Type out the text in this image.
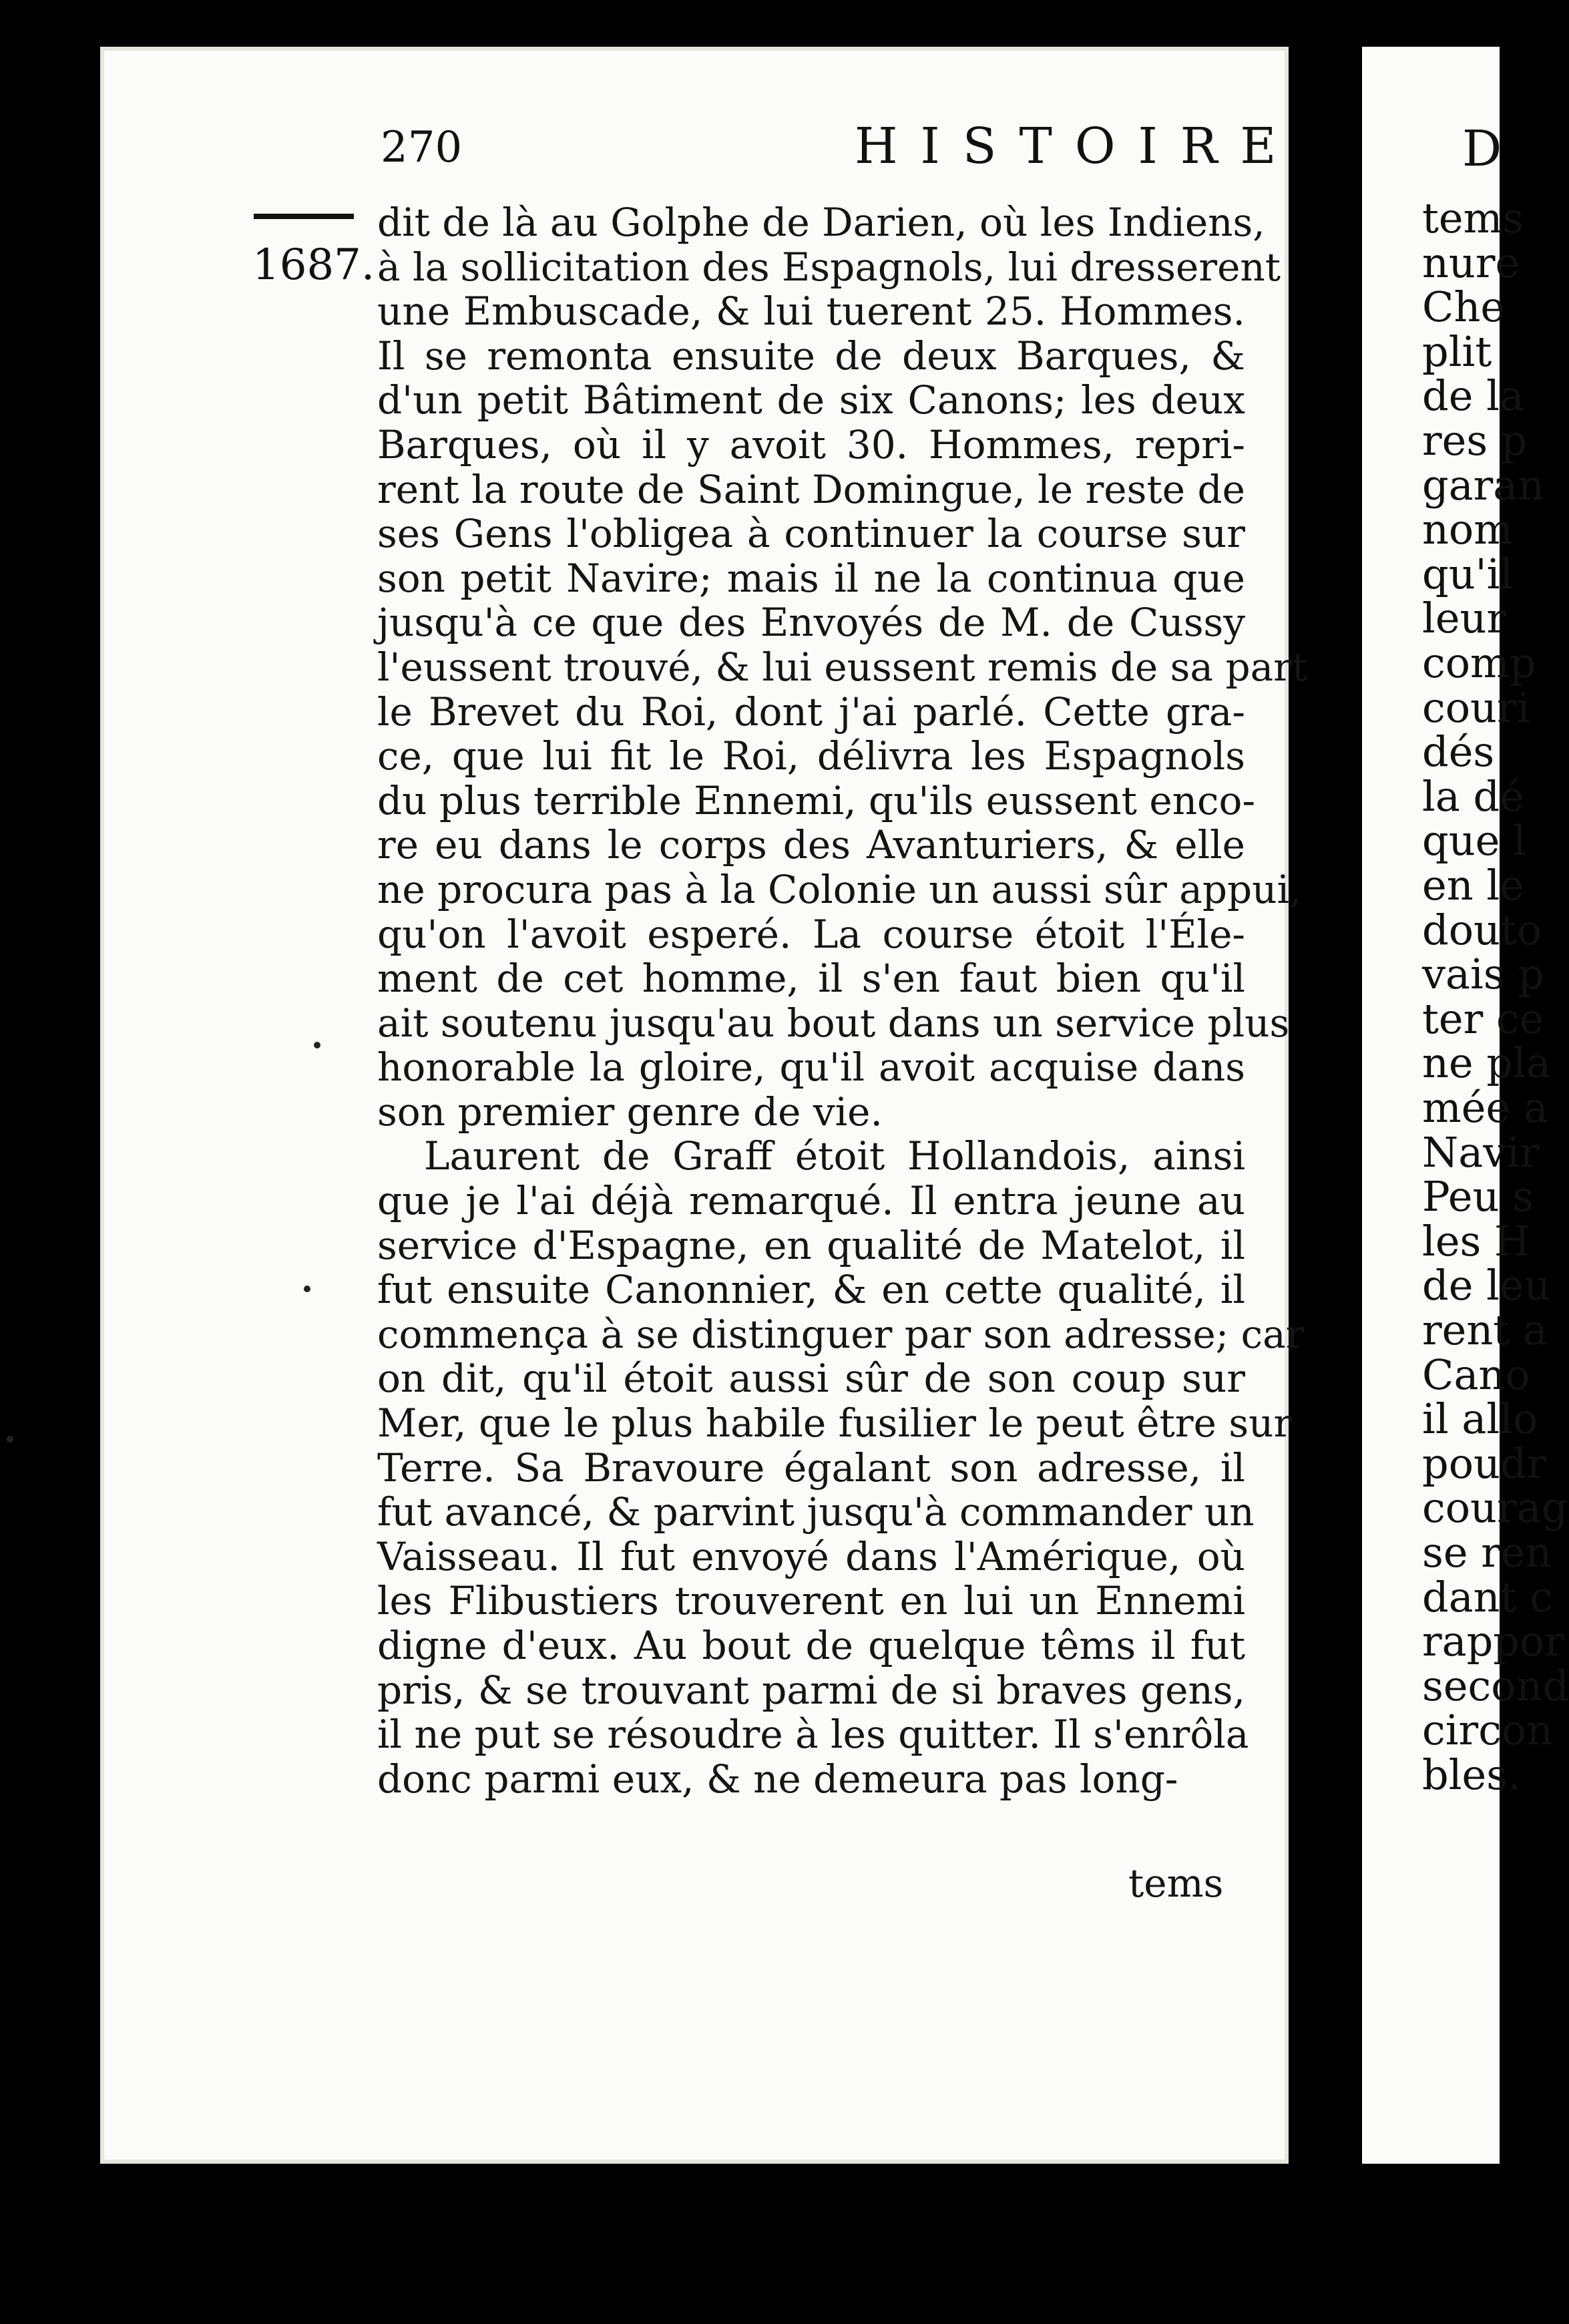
D
tems
nure
Che
plit
de la
res p
garan
nom
qu'il
leur
comp
couri
dés
la dé
que l
en le
douto
vais p
ter ce
ne pla
mée a
Navir
Peu s
les H
de leu
rent a
Cano
il allo
poudr
courag
se ren
dant c
rappor
second
circon
bles.
270	HISTOIRE
1687.
dit de là au Golphe de Darien, où les Indiens,
à la sollicitation des Espagnols, lui dresserent
une Embuscade, & lui tuerent 25. Hommes.
Il se remonta ensuite de deux Barques, &
d'un petit Bâtiment de six Canons; les deux
Barques, où il y avoit 30. Hommes, repri-
rent la route de Saint Domingue, le reste de
ses Gens l'obligea à continuer la course sur
son petit Navire; mais il ne la continua que
jusqu'à ce que des Envoyés de M. de Cussy
l'eussent trouvé, & lui eussent remis de sa part
le Brevet du Roi, dont j'ai parlé. Cette gra-
ce, que lui fit le Roi, délivra les Espagnols
du plus terrible Ennemi, qu'ils eussent enco-
re eu dans le corps des Avanturiers, & elle
ne procura pas à la Colonie un aussi sûr appui,
qu'on l'avoit esperé. La course étoit l'Éle-
ment de cet homme, il s'en faut bien qu'il
ait soutenu jusqu'au bout dans un service plus
honorable la gloire, qu'il avoit acquise dans
son premier genre de vie.
Laurent de Graff étoit Hollandois, ainsi
que je l'ai déjà remarqué. Il entra jeune au
service d'Espagne, en qualité de Matelot, il
fut ensuite Canonnier, & en cette qualité, il
commença à se distinguer par son adresse; car
on dit, qu'il étoit aussi sûr de son coup sur
Mer, que le plus habile fusilier le peut être sur
Terre. Sa Bravoure égalant son adresse, il
fut avancé, & parvint jusqu'à commander un
Vaisseau. Il fut envoyé dans l'Amérique, où
les Flibustiers trouverent en lui un Ennemi
digne d'eux. Au bout de quelque têms il fut
pris, & se trouvant parmi de si braves gens,
il ne put se résoudre à les quitter. Il s'enrôla
donc parmi eux, & ne demeura pas long-
tems
